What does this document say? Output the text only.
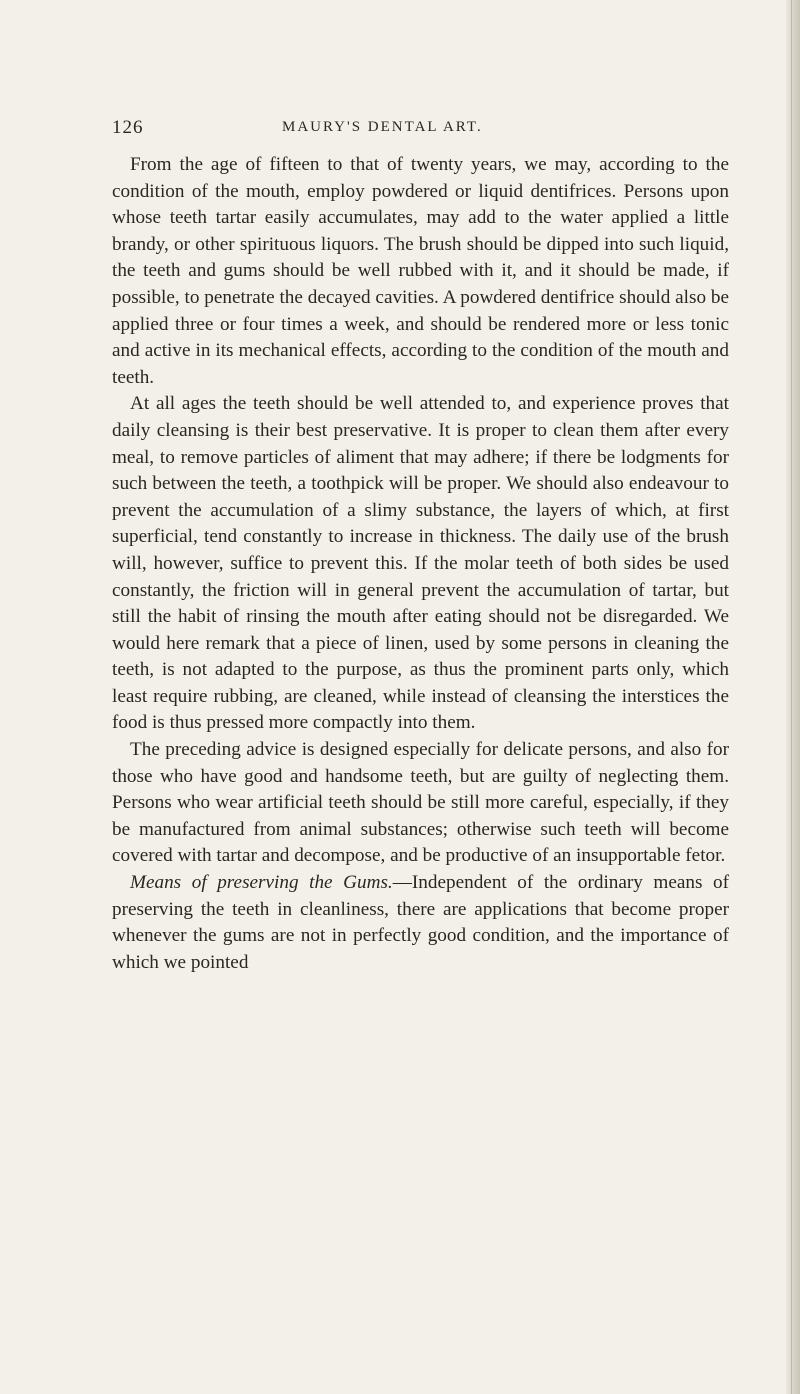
126	MAURY'S DENTAL ART.

From the age of fifteen to that of twenty years, we may, according to the condition of the mouth, employ powdered or liquid dentifrices. Persons upon whose teeth tartar easily accumulates, may add to the water applied a little brandy, or other spirituous liquors. The brush should be dipped into such liquid, the teeth and gums should be well rubbed with it, and it should be made, if possible, to penetrate the decayed cavities. A powdered dentifrice should also be applied three or four times a week, and should be rendered more or less tonic and active in its mechanical effects, according to the condition of the mouth and teeth.

At all ages the teeth should be well attended to, and experience proves that daily cleansing is their best preservative. It is proper to clean them after every meal, to remove particles of aliment that may adhere; if there be lodgments for such between the teeth, a toothpick will be proper. We should also endeavour to prevent the accumulation of a slimy substance, the layers of which, at first superficial, tend constantly to increase in thickness. The daily use of the brush will, however, suffice to prevent this. If the molar teeth of both sides be used constantly, the friction will in general prevent the accumulation of tartar, but still the habit of rinsing the mouth after eating should not be disregarded. We would here remark that a piece of linen, used by some persons in cleaning the teeth, is not adapted to the purpose, as thus the prominent parts only, which least require rubbing, are cleaned, while instead of cleansing the interstices the food is thus pressed more compactly into them.

The preceding advice is designed especially for delicate persons, and also for those who have good and handsome teeth, but are guilty of neglecting them. Persons who wear artificial teeth should be still more careful, especially, if they be manufactured from animal substances; otherwise such teeth will become covered with tartar and decompose, and be productive of an insupportable fetor.

Means of preserving the Gums.—Independent of the ordinary means of preserving the teeth in cleanliness, there are applications that become proper whenever the gums are not in perfectly good condition, and the importance of which we pointed
